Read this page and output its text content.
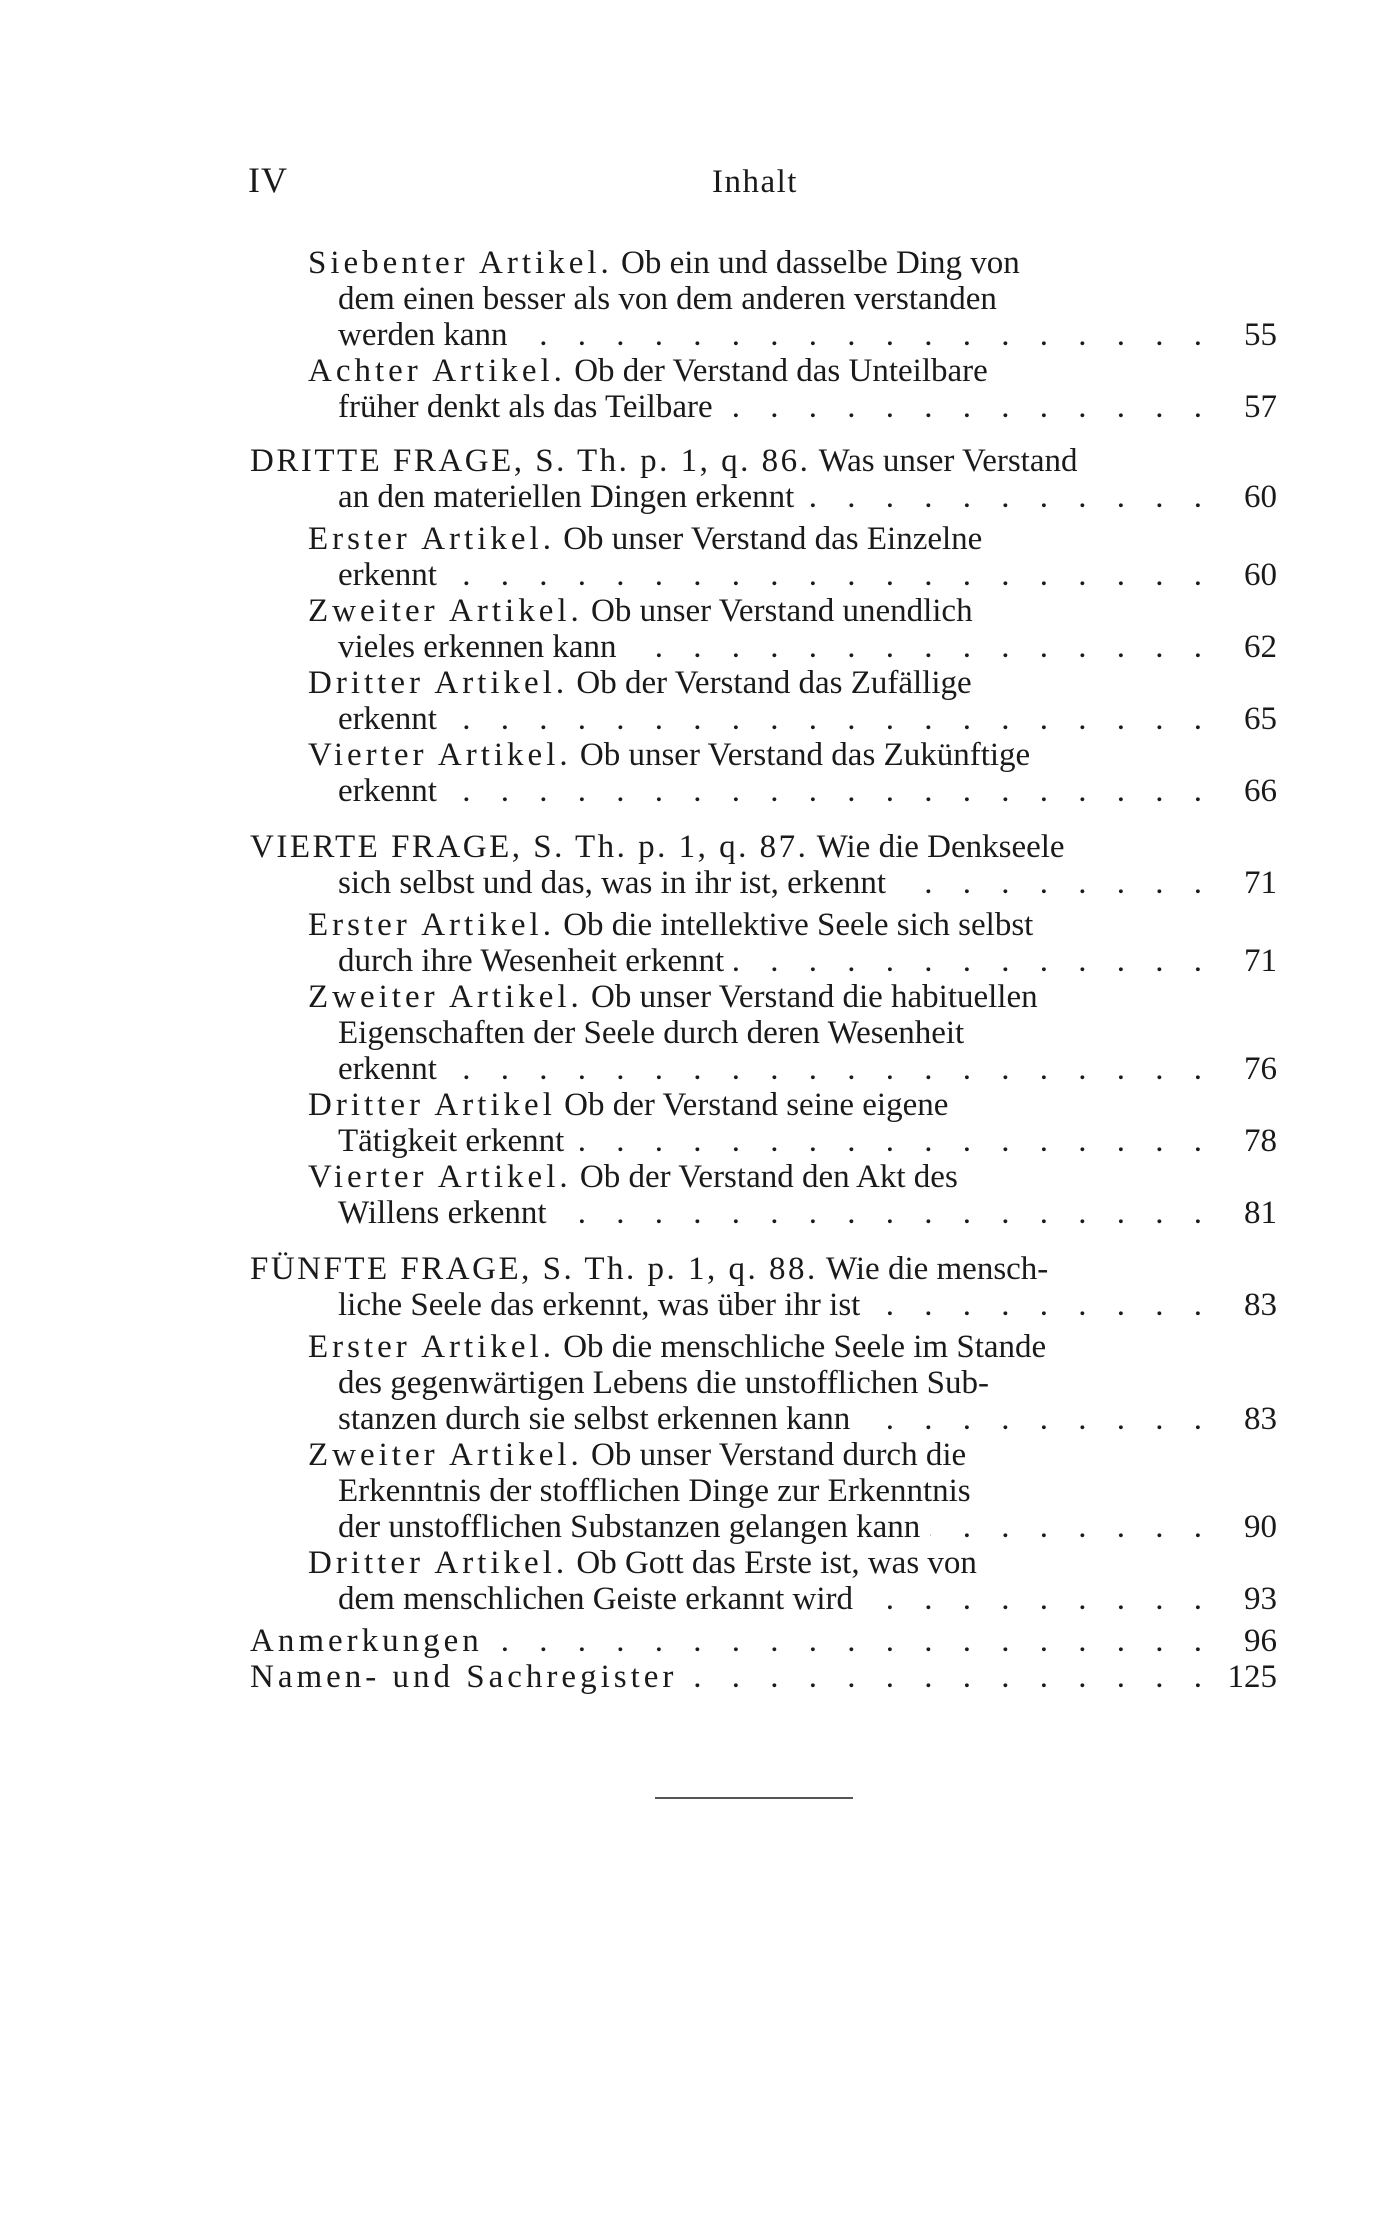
IV	Inhalt
Siebenter Artikel.
Ob ein und dasselbe Ding von
dem einen besser als von dem anderen verstanden
werden kann . . .	55
Achter Artikel.
Ob der Verstand das Unteilbare
früher denkt als das Teilbare . . .	57
DRITTE FRAGE, S. Th. p. 1, q. 86.
Was unser Verstand
an den materiellen Dingen erkennt . . .	60
Erster Artikel.
Ob unser Verstand das Einzelne
erkennt . . .	60
Zweiter Artikel.
Ob unser Verstand unendlich
vieles erkennen kann . . .	62
Dritter Artikel.
Ob der Verstand das Zufällige
erkennt . . .	65
Vierter Artikel.
Ob unser Verstand das Zukünftige
erkennt . . .	66
VIERTE FRAGE, S. Th. p. 1, q. 87.
Wie die Denkseele
sich selbst und das, was in ihr ist, erkennt . . .	71
Erster Artikel.
Ob die intellektive Seele sich selbst
durch ihre Wesenheit erkennt . . .	71
Zweiter Artikel.
Ob unser Verstand die habituellen
Eigenschaften der Seele durch deren Wesenheit
erkennt . . .	76
Dritter Artikel
Ob der Verstand seine eigene
Tätigkeit erkennt . . .	78
Vierter Artikel.
Ob der Verstand den Akt des
Willens erkennt . . .	81
FÜNFTE FRAGE, S. Th. p. 1, q. 88.
Wie die mensch-
liche Seele das erkennt, was über ihr ist . . .	83
Erster Artikel.
Ob die menschliche Seele im Stande
des gegenwärtigen Lebens die unstofflichen Sub-
stanzen durch sie selbst erkennen kann . . .	83
Zweiter Artikel.
Ob unser Verstand durch die
Erkenntnis der stofflichen Dinge zur Erkenntnis
der unstofflichen Substanzen gelangen kann . . .	90
Dritter Artikel.
Ob Gott das Erste ist, was von
dem menschlichen Geiste erkannt wird . . .	93
Anmerkungen . . .	96
Namen- und Sachregister . . .	125
